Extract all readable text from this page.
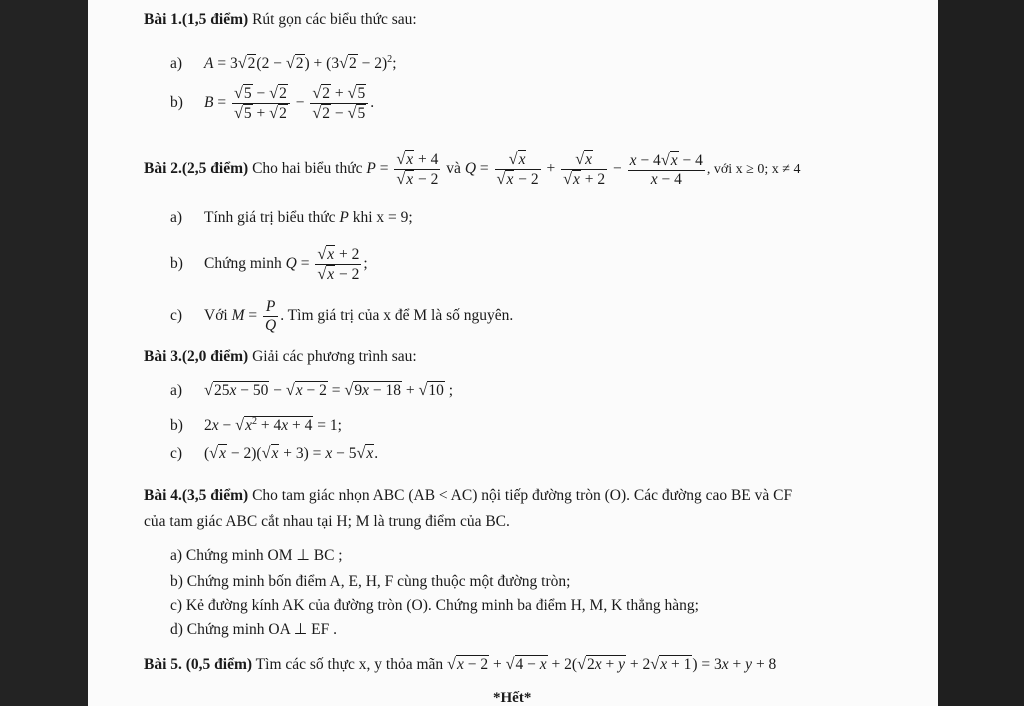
Bài 1.(1,5 điểm) Rút gọn các biểu thức sau:
a) $A = 3√2(2 - √2) + (3√2 - 2)^2$;
b) $B = \frac{√5 - √2}{√5 + √2} - \frac{√2 + √5}{√2 - √5}$ .
Bài 2.(2,5 điểm) Cho hai biểu thức $P = \frac{√x + 4}{√x - 2}$ và $Q = \frac{√x}{√x - 2} + \frac{√x}{√x + 2} - \frac{x - 4√x - 4}{x - 4}$ , với x ≥ 0; x ≠ 4
a) Tính giá trị biểu thức P khi x = 9;
b) Chứng minh $Q = \frac{√x + 2}{√x - 2}$ ;
c) Với $M = \frac{P}{Q}$ . Tìm giá trị của x để M là số nguyên.
Bài 3.(2,0 điểm) Giải các phương trình sau:
a) √25x − 50 − √x − 2 = √9x − 18 + √10 ;
b) $2x - √x^2 + 4x + 4 = 1$;
c) (√x − 2)(√x + 3) = x − 5√x.
Bài 4.(3,5 điểm) Cho tam giác nhọn ABC (AB < AC) nội tiếp đường tròn (O). Các đường cao BE và CF
của tam giác ABC cắt nhau tại H; M là trung điểm của BC.
a) Chứng minh OM ⊥ BC ;
b) Chứng minh bốn điểm A, E, H, F cùng thuộc một đường tròn;
c) Kẻ đường kính AK của đường tròn (O). Chứng minh ba điểm H, M, K thẳng hàng;
d) Chứng minh OA ⊥ EF .
Bài 5. (0,5 điểm) Tìm các số thực x, y thỏa mãn √x − 2 + √4 − x + 2(√2x + y + 2√x + 1) = 3x + y + 8
*Hết*
